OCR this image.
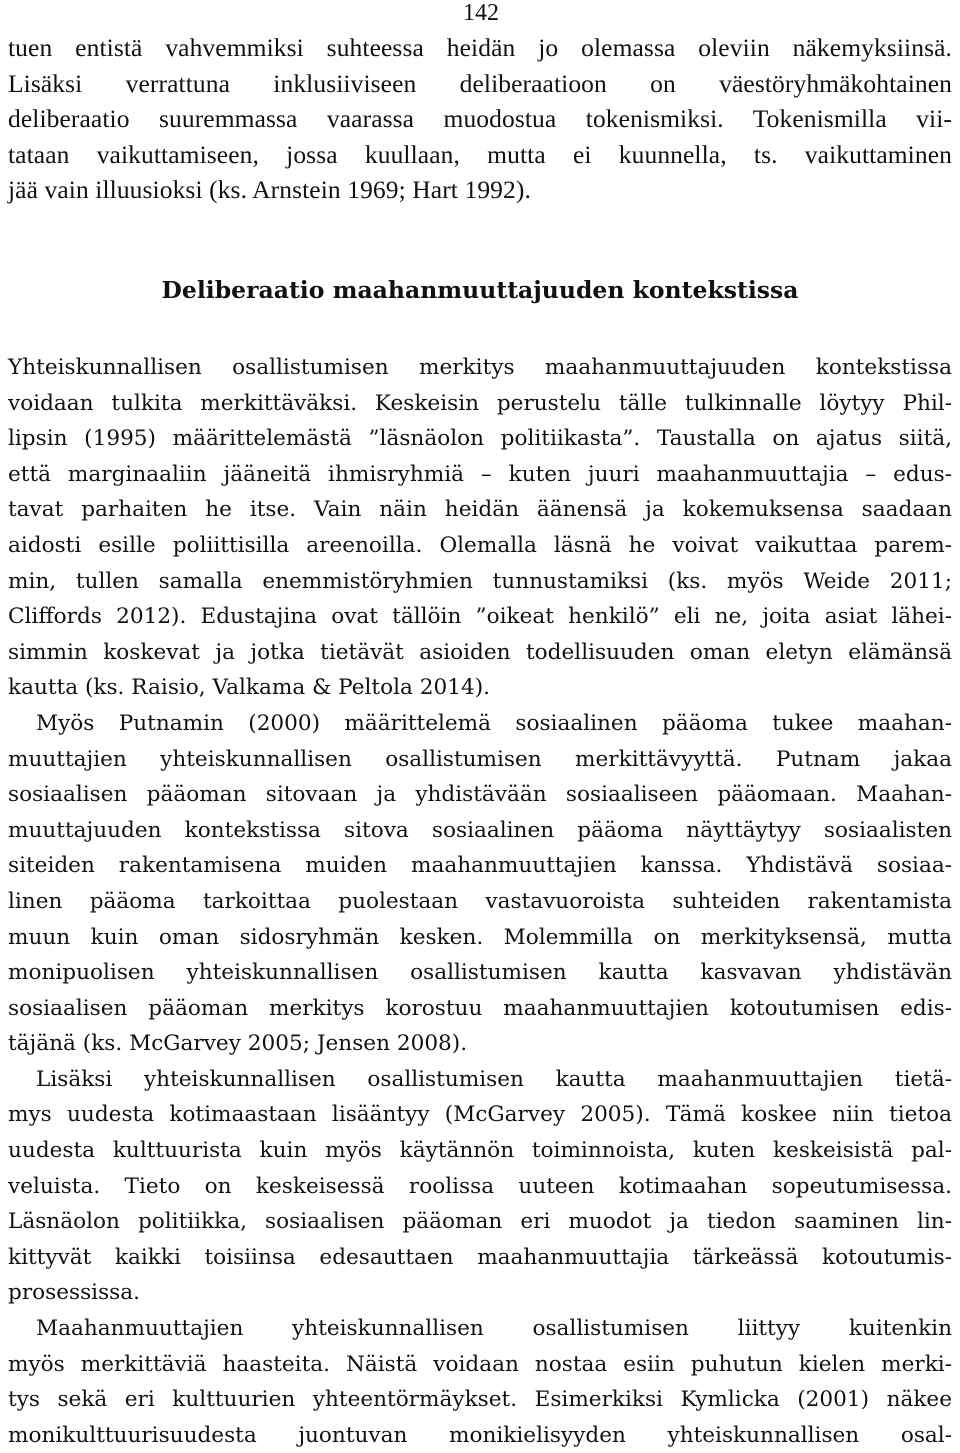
142
tuen entistä vahvemmiksi suhteessa heidän jo olemassa oleviin näkemyksiinsä.
Lisäksi verrattuna inklusiiviseen deliberaatioon on väestöryhmäkohtainen
deliberaatio suuremmassa vaarassa muodostua tokenismiksi. Tokenismilla vii-
tataan vaikuttamiseen, jossa kuullaan, mutta ei kuunnella, ts. vaikuttaminen
jää vain illuusioksi (ks. Arnstein 1969; Hart 1992).
Deliberaatio maahanmuuttajuuden kontekstissa
Yhteiskunnallisen osallistumisen merkitys maahanmuuttajuuden kontekstissa
voidaan tulkita merkittäväksi. Keskeisin perustelu tälle tulkinnalle löytyy Phil-
lipsin (1995) määrittelemästä ”läsnäolon politiikasta”. Taustalla on ajatus siitä,
että marginaaliin jääneitä ihmisryhmiä – kuten juuri maahanmuuttajia – edus-
tavat parhaiten he itse. Vain näin heidän äänensä ja kokemuksensa saadaan
aidosti esille poliittisilla areenoilla. Olemalla läsnä he voivat vaikuttaa parem-
min, tullen samalla enemmistöryhmien tunnustamiksi (ks. myös Weide 2011;
Cliffords 2012). Edustajina ovat tällöin ”oikeat henkilö” eli ne, joita asiat lähei-
simmin koskevat ja jotka tietävät asioiden todellisuuden oman eletyn elämänsä
kautta (ks. Raisio, Valkama & Peltola 2014).
Myös Putnamin (2000) määrittelemä sosiaalinen pääoma tukee maahan-
muuttajien yhteiskunnallisen osallistumisen merkittävyyttä. Putnam jakaa
sosiaalisen pääoman sitovaan ja yhdistävään sosiaaliseen pääomaan. Maahan-
muuttajuuden kontekstissa sitova sosiaalinen pääoma näyttäytyy sosiaalisten
siteiden rakentamisena muiden maahanmuuttajien kanssa. Yhdistävä sosiaa-
linen pääoma tarkoittaa puolestaan vastavuoroista suhteiden rakentamista
muun kuin oman sidosryhmän kesken. Molemmilla on merkityksensä, mutta
monipuolisen yhteiskunnallisen osallistumisen kautta kasvavan yhdistävän
sosiaalisen pääoman merkitys korostuu maahanmuuttajien kotoutumisen edis-
täjänä (ks. McGarvey 2005; Jensen 2008).
Lisäksi yhteiskunnallisen osallistumisen kautta maahanmuuttajien tietä-
mys uudesta kotimaastaan lisääntyy (McGarvey 2005). Tämä koskee niin tietoa
uudesta kulttuurista kuin myös käytännön toiminnoista, kuten keskeisistä pal-
veluista. Tieto on keskeisessä roolissa uuteen kotimaahan sopeutumisessa.
Läsnäolon politiikka, sosiaalisen pääoman eri muodot ja tiedon saaminen lin-
kittyvät kaikki toisiinsa edesauttaen maahanmuuttajia tärkeässä kotoutumis-
prosessissa.
Maahanmuuttajien yhteiskunnallisen osallistumisen liittyy kuitenkin
myös merkittäviä haasteita. Näistä voidaan nostaa esiin puhutun kielen merki-
tys sekä eri kulttuurien yhteentörmäykset. Esimerkiksi Kymlicka (2001) näkee
monikulttuurisuudesta juontuvan monikielisyyden yhteiskunnallisen osal-
